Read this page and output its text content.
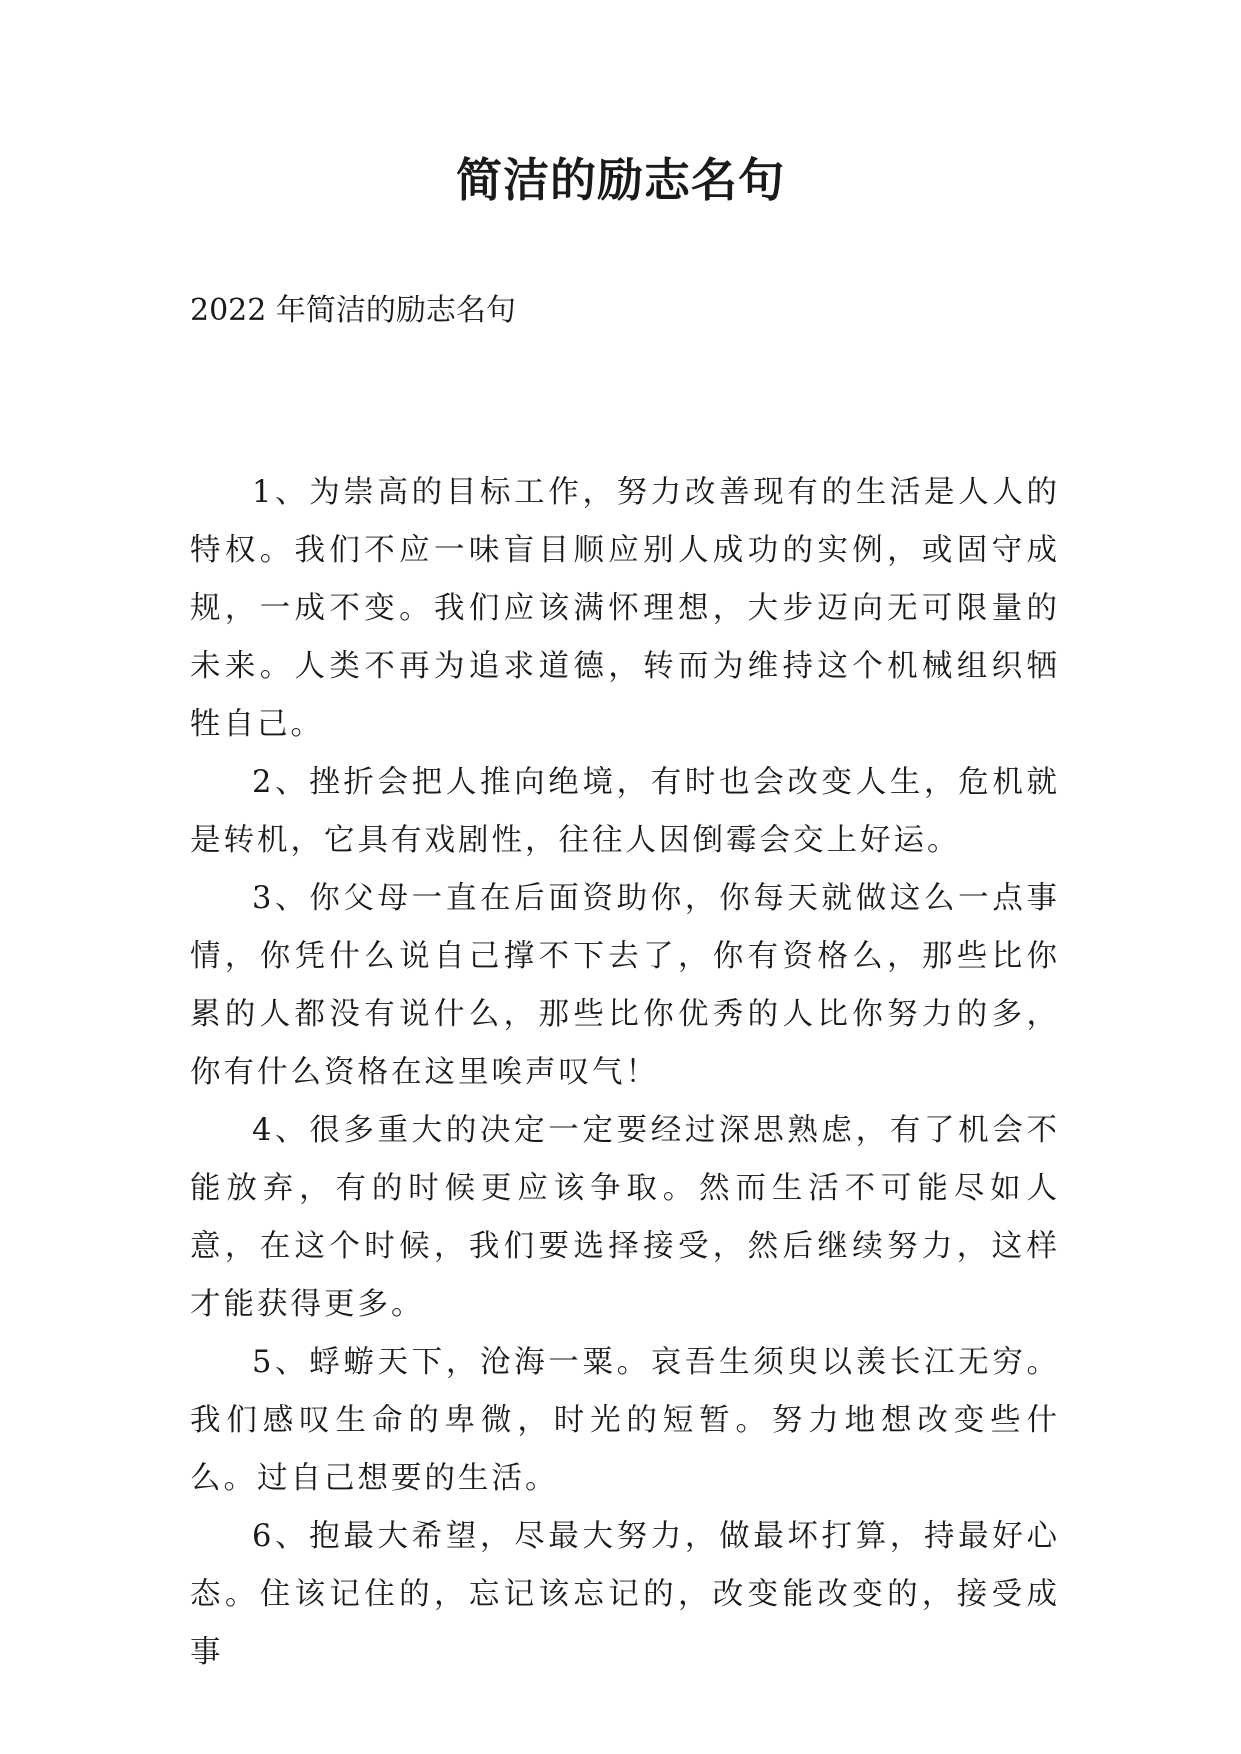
简洁的励志名句
2022 年简洁的励志名句

1、为崇高的目标工作，努力改善现有的生活是人人的特权。我们不应一味盲目顺应别人成功的实例，或固守成规，一成不变。我们应该满怀理想，大步迈向无可限量的未来。人类不再为追求道德，转而为维持这个机械组织牺牲自己。

2、挫折会把人推向绝境，有时也会改变人生，危机就是转机，它具有戏剧性，往往人因倒霉会交上好运。

3、你父母一直在后面资助你，你每天就做这么一点事情，你凭什么说自己撑不下去了，你有资格么，那些比你累的人都没有说什么，那些比你优秀的人比你努力的多，你有什么资格在这里唉声叹气！

4、很多重大的决定一定要经过深思熟虑，有了机会不能放弃，有的时候更应该争取。然而生活不可能尽如人意，在这个时候，我们要选择接受，然后继续努力，这样才能获得更多。

5、蜉蝣天下，沧海一粟。哀吾生须臾以羡长江无穷。我们感叹生命的卑微，时光的短暂。努力地想改变些什么。过自己想要的生活。

6、抱最大希望，尽最大努力，做最坏打算，持最好心态。住该记住的，忘记该忘记的，改变能改变的，接受成事
